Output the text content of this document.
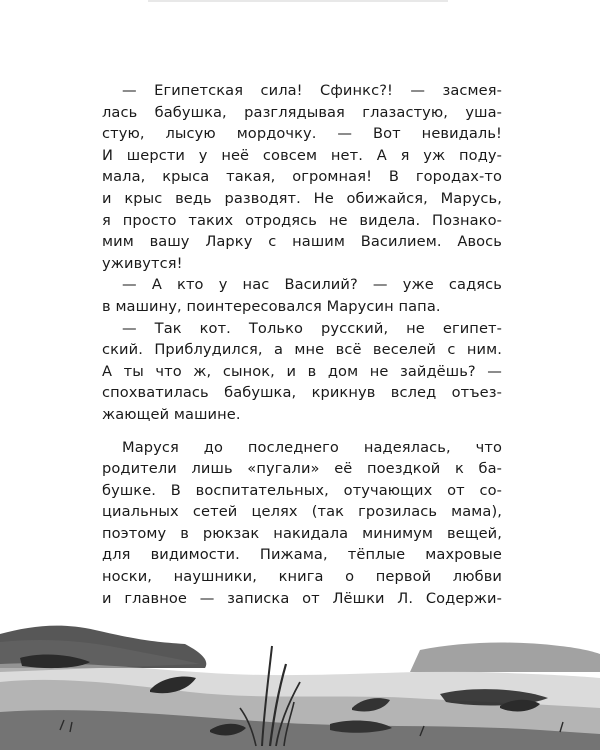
— Египетская сила! Сфинкс?! — засмея-
лась бабушка, разглядывая глазастую, уша-
стую, лысую мордочку. — Вот невидаль!
И шерсти у неё совсем нет. А я уж поду-
мала, крыса такая, огромная! В городах-то
и крыс ведь разводят. Не обижайся, Марусь,
я просто таких отродясь не видела. Познако-
мим вашу Ларку с нашим Василием. Авось
уживутся!
— А кто у нас Василий? — уже садясь
в машину, поинтересовался Марусин папа.
— Так кот. Только русский, не египет-
ский. Приблудился, а мне всё веселей с ним.
А ты что ж, сынок, и в дом не зайдёшь? —
спохватилась бабушка, крикнув вслед отъез-
жающей машине.
Маруся до последнего надеялась, что
родители лишь «пугали» её поездкой к ба-
бушке. В воспитательных, отучающих от со-
циальных сетей целях (так грозилась мама),
поэтому в рюкзак накидала минимум вещей,
для видимости. Пижама, тёплые махровые
носки, наушники, книга о первой любви
и главное — записка от Лёшки Л. Содержи-
